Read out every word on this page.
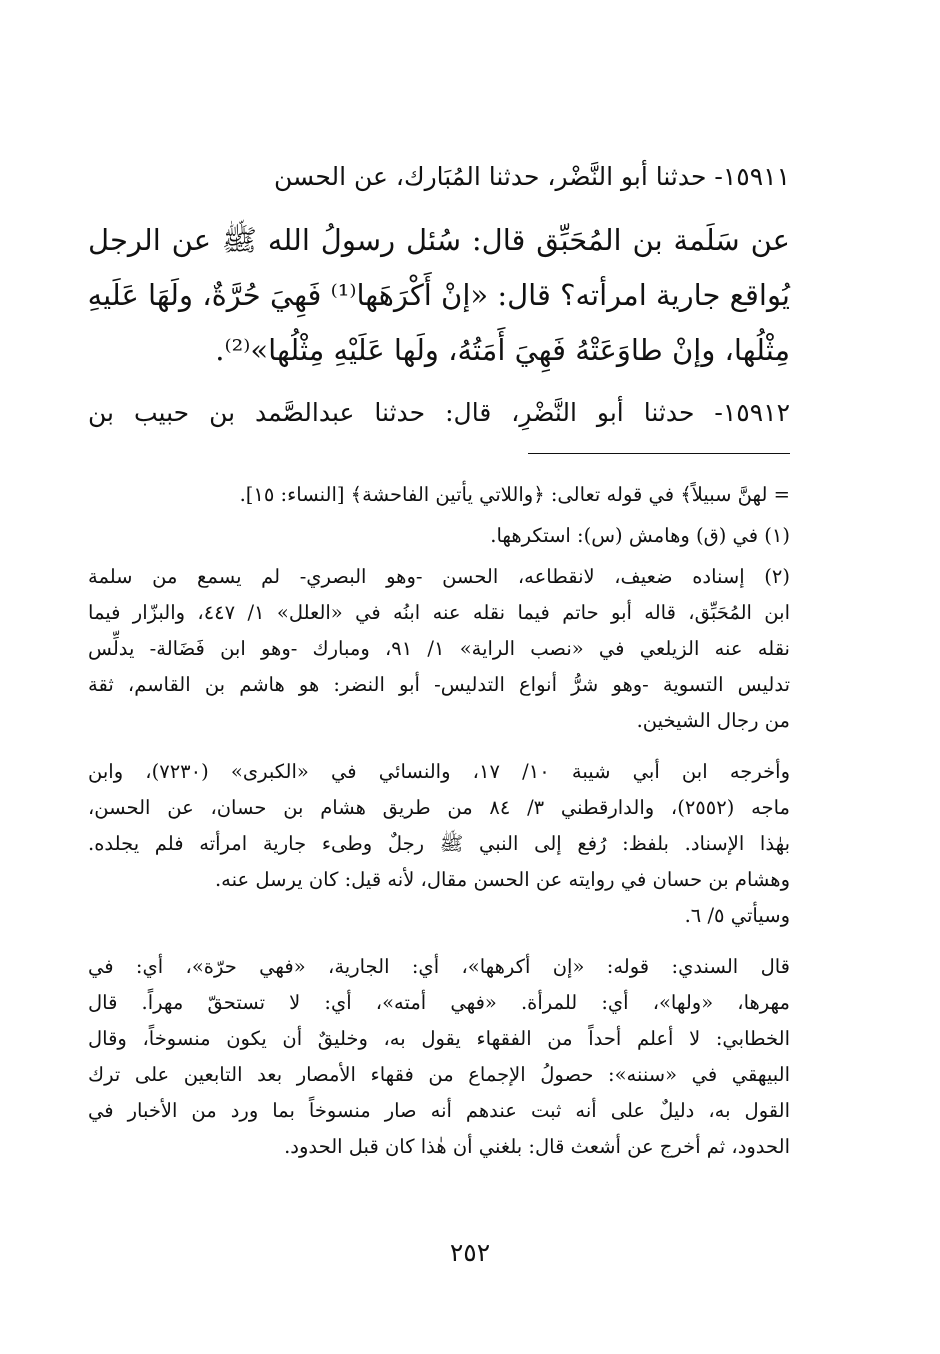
١٥٩١١- حدثنا أبو النَّضْر، حدثنا المُبَارك، عن الحسن

عن سَلَمة بن المُحَبِّق قال: سُئل رسولُ الله ﷺ عن الرجل

يُواقع جارية امرأته؟ قال: «إنْ أَكْرَهَها⁽¹⁾ فَهِيَ حُرَّةٌ، ولَهَا عَلَيهِ

مِثْلُها، وإنْ طاوَعَتْهُ فَهِيَ أَمَتُهُ، ولَها عَلَيْهِ مِثْلُها»⁽²⁾.

١٥٩١٢- حدثنا أبو النَّضْرِ، قال: حدثنا عبدالصَّمد بن حبيب بن

= لهنَّ سبيلاً﴾ في قوله تعالى: ﴿واللاتي يأتين الفاحشة﴾ [النساء: ١٥].

(١) في (ق) وهامش (س): استكرهها.

(٢) إسناده ضعيف، لانقطاعه، الحسن -وهو البصري- لم يسمع من سلمة

ابن المُحَبِّق، قاله أبو حاتم فيما نقله عنه ابنُه في «العلل» ١/ ٤٤٧، والبزّار فيما

نقله عنه الزيلعي في «نصب الراية» ١/ ٩١، ومبارك -وهو ابن فَضَالة- يدلِّس

تدليس التسوية -وهو شرُّ أنواع التدليس- أبو النضر: هو هاشم بن القاسم، ثقة

من رجال الشيخين.

وأخرجه ابن أبي شيبة ١٠/ ١٧، والنسائي في «الكبرى» (٧٢٣٠)، وابن

ماجه (٢٥٥٢)، والدارقطني ٣/ ٨٤ من طريق هشام بن حسان، عن الحسن،

بهٰذا الإسناد. بلفظ: رُفع إلى النبي ﷺ رجلٌ وطىء جارية امرأته فلم يجلده.

وهشام بن حسان في روايته عن الحسن مقال، لأنه قيل: كان يرسل عنه.

وسيأتي ٥/ ٦.

قال السندي: قوله: «إن أكرهها»، أي: الجارية، «فهي حرّة»، أي: في

مهرها، «ولها»، أي: للمرأة. «فهي أمته»، أي: لا تستحقّ مهراً. قال

الخطابي: لا أعلم أحداً من الفقهاء يقول به، وخليقٌ أن يكون منسوخاً، وقال

البيهقي في «سننه»: حصولُ الإجماع من فقهاء الأمصار بعد التابعين على ترك

القول به، دليلٌ على أنه ثبت عندهم أنه صار منسوخاً بما ورد من الأخبار في

الحدود، ثم أخرج عن أشعث قال: بلغني أن هٰذا كان قبل الحدود.

٢٥٢
